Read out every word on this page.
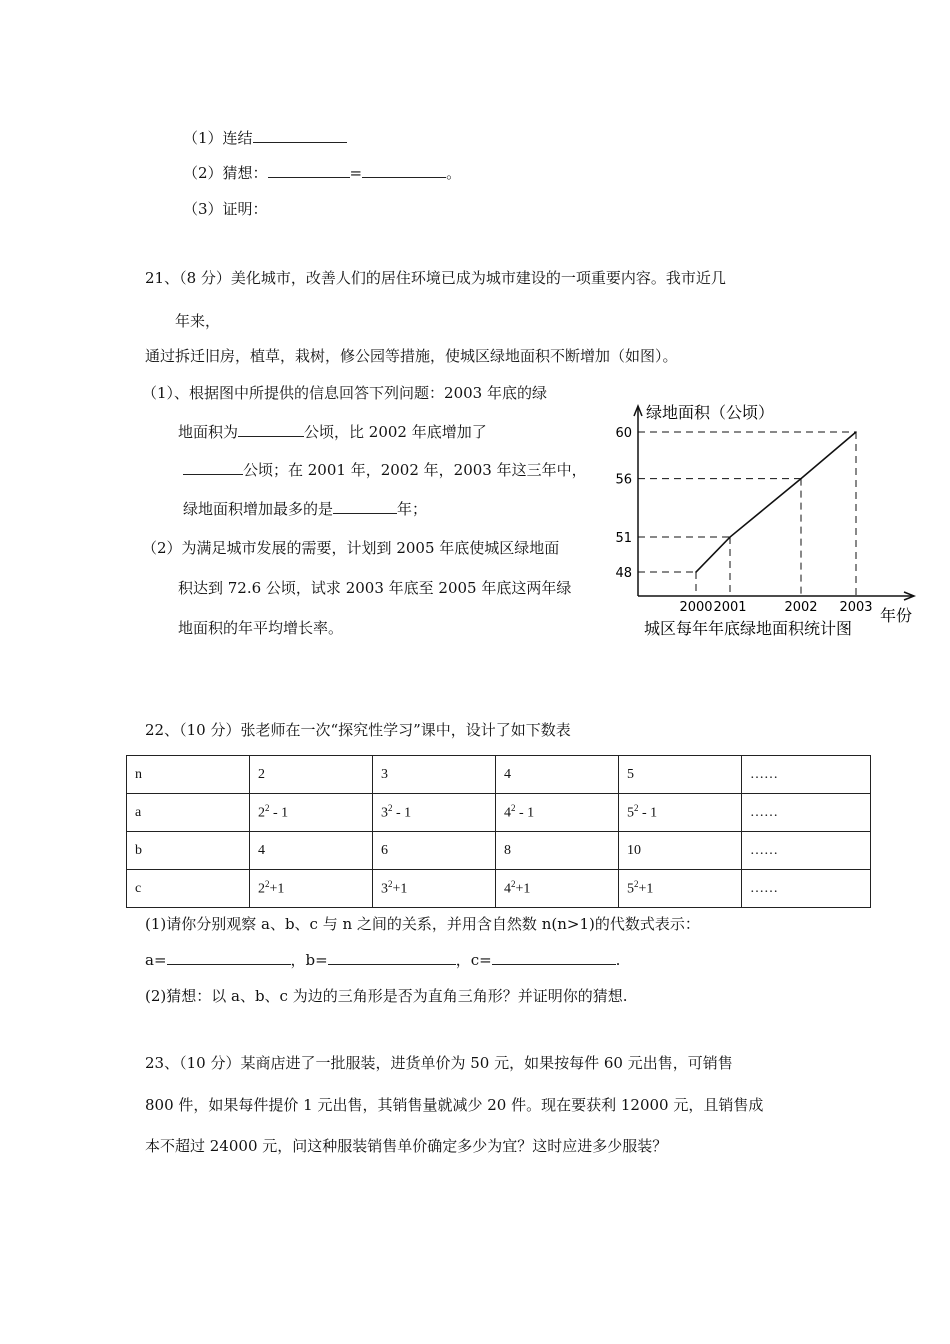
（1）连结
（2）猜想：	=	。
（3）证明：
21、（8 分）美化城市，改善人们的居住环境已成为城市建设的一项重要内容。我市近几
年来，
通过拆迁旧房，植草，栽树，修公园等措施，使城区绿地面积不断增加（如图）。
（1）、根据图中所提供的信息回答下列问题：2003 年底的绿
地面积为	公顷，比 2002 年底增加了
公顷；在 2001 年，2002 年，2003 年这三年中，
绿地面积增加最多的是	年；
（2）为满足城市发展的需要，计划到 2005 年底使城区绿地面
积达到 72.6 公顷，试求 2003 年底至 2005 年底这两年绿
地面积的年平均增长率。
48
2000
51
2001
56
2002
60
2003
绿地面积（公顷）
年份
城区每年年底绿地面积统计图
22、（10 分）张老师在一次“探究性学习”课中，设计了如下数表
n	2	3	4	5	……
a	$2^2 - 1$	$3^2 - 1$	$4^2 - 1$	$5^2 - 1$	……
b	4	6	8	10	……
c	$2^2+1$	$3^2+1$	$4^2+1$	$5^2+1$	……
(1)请你分别观察 a、b、c 与 n 之间的关系，并用含自然数 n(n>1)的代数式表示：
a=	，b=	，c=	.
(2)猜想：以 a、b、c 为边的三角形是否为直角三角形？并证明你的猜想.
23、（10 分）某商店进了一批服装，进货单价为 50 元，如果按每件 60 元出售，可销售
800 件，如果每件提价 1 元出售，其销售量就减少 20 件。现在要获利 12000 元，且销售成
本不超过 24000 元，问这种服装销售单价确定多少为宜？这时应进多少服装？
